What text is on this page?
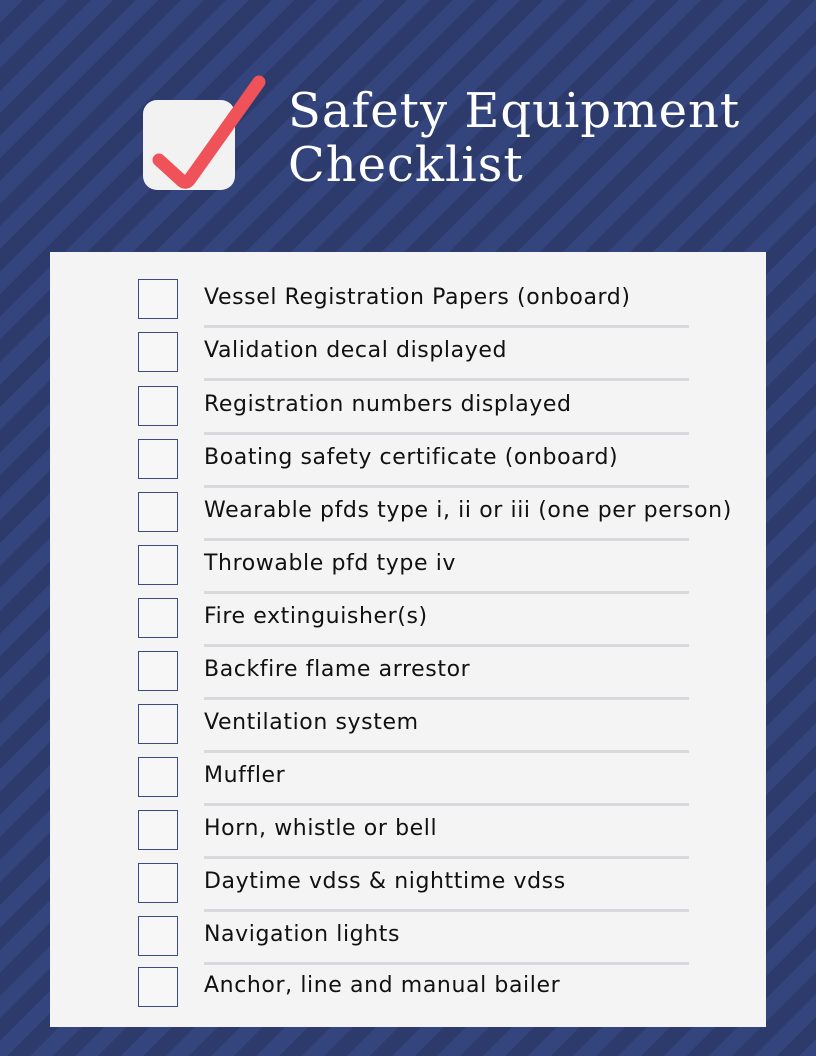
Safety Equipment
Checklist
Vessel Registration Papers (onboard)
Validation decal displayed
Registration numbers displayed
Boating safety certificate (onboard)
Wearable pfds type i, ii or iii (one per person)
Throwable pfd type iv
Fire extinguisher(s)
Backfire flame arrestor
Ventilation system
Muffler
Horn, whistle or bell
Daytime vdss & nighttime vdss
Navigation lights
Anchor, line and manual bailer
